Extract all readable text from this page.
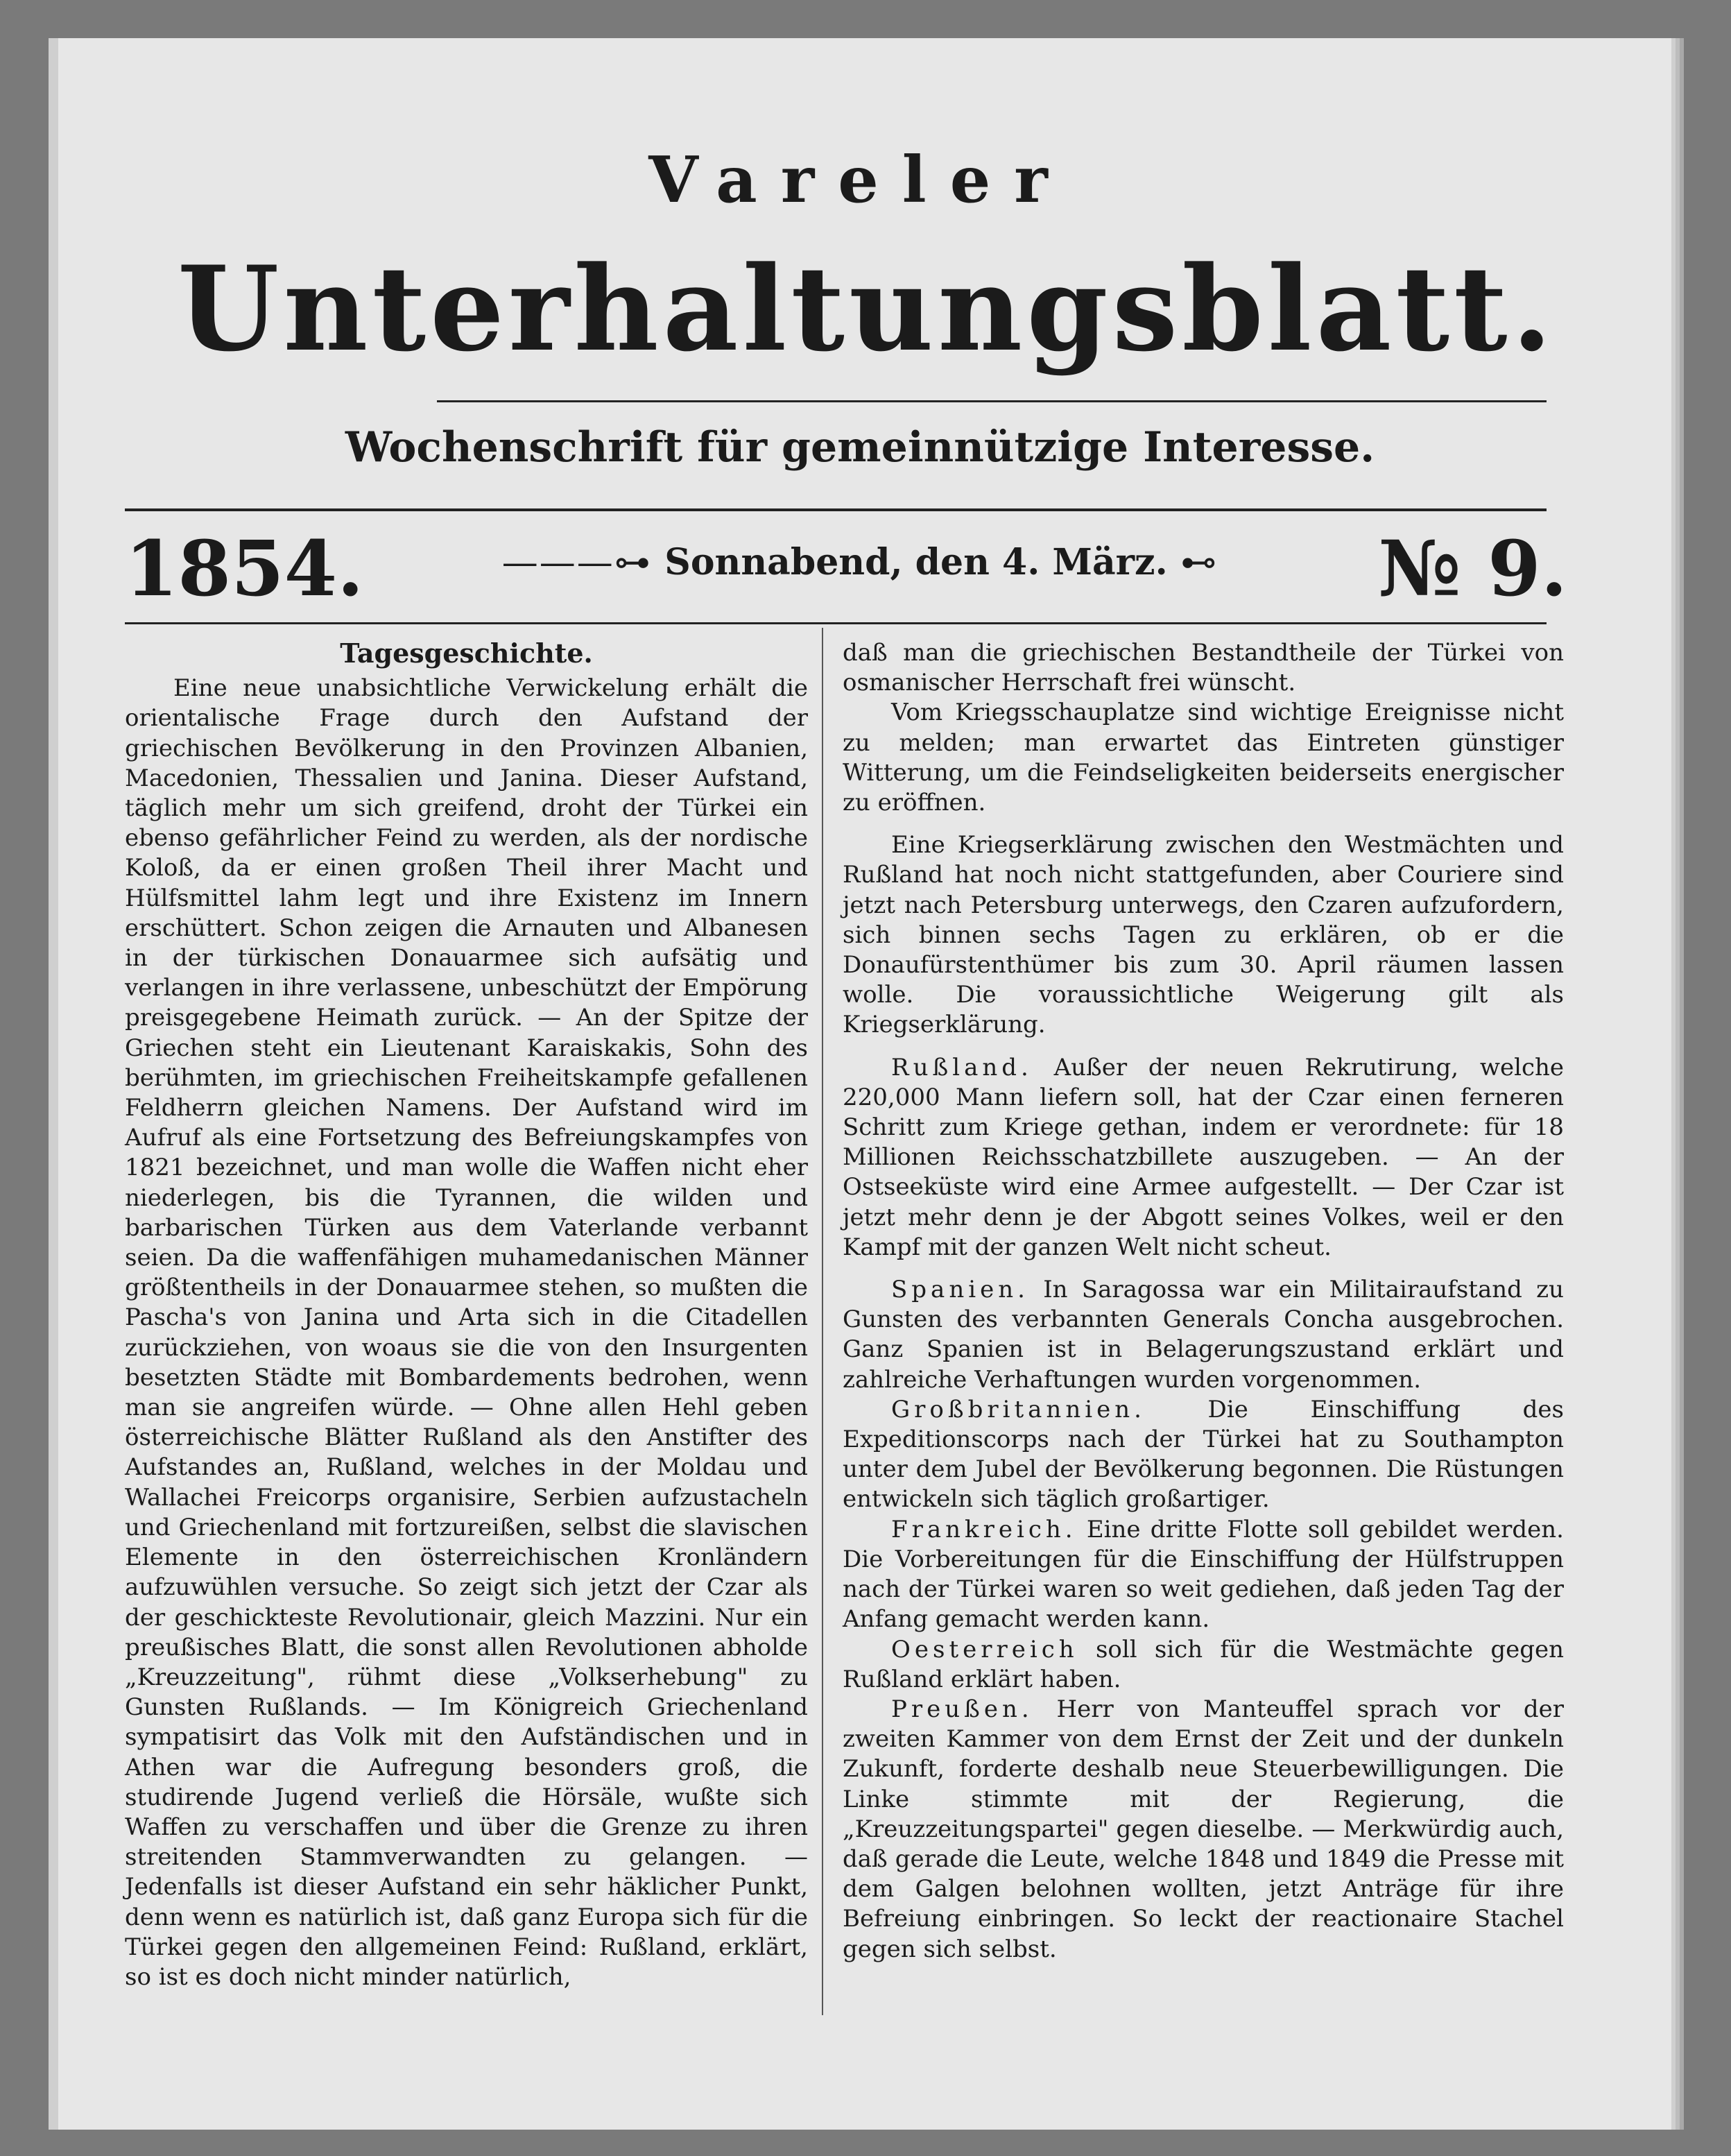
Vareler
Unterhaltungsblatt.
Wochenschrift für gemeinnützige Interesse.
1854.	———⊶ Sonnabend, den 4. März. ⊷	№ 9.

Tagesgeschichte.

Eine neue unabsichtliche Verwickelung erhält die orientalische Frage durch den Aufstand der griechischen Bevölkerung in den Provinzen Albanien, Macedonien, Thessalien und Janina. Dieser Aufstand, täglich mehr um sich greifend, droht der Türkei ein ebenso gefährlicher Feind zu werden, als der nordische Koloß, da er einen großen Theil ihrer Macht und Hülfsmittel lahm legt und ihre Existenz im Innern erschüttert. Schon zeigen die Arnauten und Albanesen in der türkischen Donauarmee sich aufsätig und verlangen in ihre verlassene, unbeschützt der Empörung preisgegebene Heimath zurück. — An der Spitze der Griechen steht ein Lieutenant Karaiskakis, Sohn des berühmten, im griechischen Freiheitskampfe gefallenen Feldherrn gleichen Namens. Der Aufstand wird im Aufruf als eine Fortsetzung des Befreiungskampfes von 1821 bezeichnet, und man wolle die Waffen nicht eher niederlegen, bis die Tyrannen, die wilden und barbarischen Türken aus dem Vaterlande verbannt seien. Da die waffenfähigen muhamedanischen Männer größtentheils in der Donauarmee stehen, so mußten die Pascha's von Janina und Arta sich in die Citadellen zurückziehen, von woaus sie die von den Insurgenten besetzten Städte mit Bombardements bedrohen, wenn man sie angreifen würde. — Ohne allen Hehl geben österreichische Blätter Rußland als den Anstifter des Aufstandes an, Rußland, welches in der Moldau und Wallachei Freicorps organisire, Serbien aufzustacheln und Griechenland mit fortzureißen, selbst die slavischen Elemente in den österreichischen Kronländern aufzuwühlen versuche. So zeigt sich jetzt der Czar als der geschickteste Revolutionair, gleich Mazzini. Nur ein preußisches Blatt, die sonst allen Revolutionen abholde „Kreuzzeitung", rühmt diese „Volkserhebung" zu Gunsten Rußlands. — Im Königreich Griechenland sympatisirt das Volk mit den Aufständischen und in Athen war die Aufregung besonders groß, die studirende Jugend verließ die Hörsäle, wußte sich Waffen zu verschaffen und über die Grenze zu ihren streitenden Stammverwandten zu gelangen. — Jedenfalls ist dieser Aufstand ein sehr häklicher Punkt, denn wenn es natürlich ist, daß ganz Europa sich für die Türkei gegen den allgemeinen Feind: Rußland, erklärt, so ist es doch nicht minder natürlich,

daß man die griechischen Bestandtheile der Türkei von osmanischer Herrschaft frei wünscht.

Vom Kriegsschauplatze sind wichtige Ereignisse nicht zu melden; man erwartet das Eintreten günstiger Witterung, um die Feindseligkeiten beiderseits energischer zu eröffnen.

Eine Kriegserklärung zwischen den Westmächten und Rußland hat noch nicht stattgefunden, aber Couriere sind jetzt nach Petersburg unterwegs, den Czaren aufzufordern, sich binnen sechs Tagen zu erklären, ob er die Donaufürstenthümer bis zum 30. April räumen lassen wolle. Die voraussichtliche Weigerung gilt als Kriegserklärung.

Rußland. Außer der neuen Rekrutirung, welche 220,000 Mann liefern soll, hat der Czar einen ferneren Schritt zum Kriege gethan, indem er verordnete: für 18 Millionen Reichsschatzbillete auszugeben. — An der Ostseeküste wird eine Armee aufgestellt. — Der Czar ist jetzt mehr denn je der Abgott seines Volkes, weil er den Kampf mit der ganzen Welt nicht scheut.

Spanien. In Saragossa war ein Militairaufstand zu Gunsten des verbannten Generals Concha ausgebrochen. Ganz Spanien ist in Belagerungszustand erklärt und zahlreiche Verhaftungen wurden vorgenommen.

Großbritannien. Die Einschiffung des Expeditionscorps nach der Türkei hat zu Southampton unter dem Jubel der Bevölkerung begonnen. Die Rüstungen entwickeln sich täglich großartiger.

Frankreich. Eine dritte Flotte soll gebildet werden. Die Vorbereitungen für die Einschiffung der Hülfstruppen nach der Türkei waren so weit gediehen, daß jeden Tag der Anfang gemacht werden kann.

Oesterreich soll sich für die Westmächte gegen Rußland erklärt haben.

Preußen. Herr von Manteuffel sprach vor der zweiten Kammer von dem Ernst der Zeit und der dunkeln Zukunft, forderte deshalb neue Steuerbewilligungen. Die Linke stimmte mit der Regierung, die „Kreuzzeitungspartei" gegen dieselbe. — Merkwürdig auch, daß gerade die Leute, welche 1848 und 1849 die Presse mit dem Galgen belohnen wollten, jetzt Anträge für ihre Befreiung einbringen. So leckt der reactionaire Stachel gegen sich selbst.
